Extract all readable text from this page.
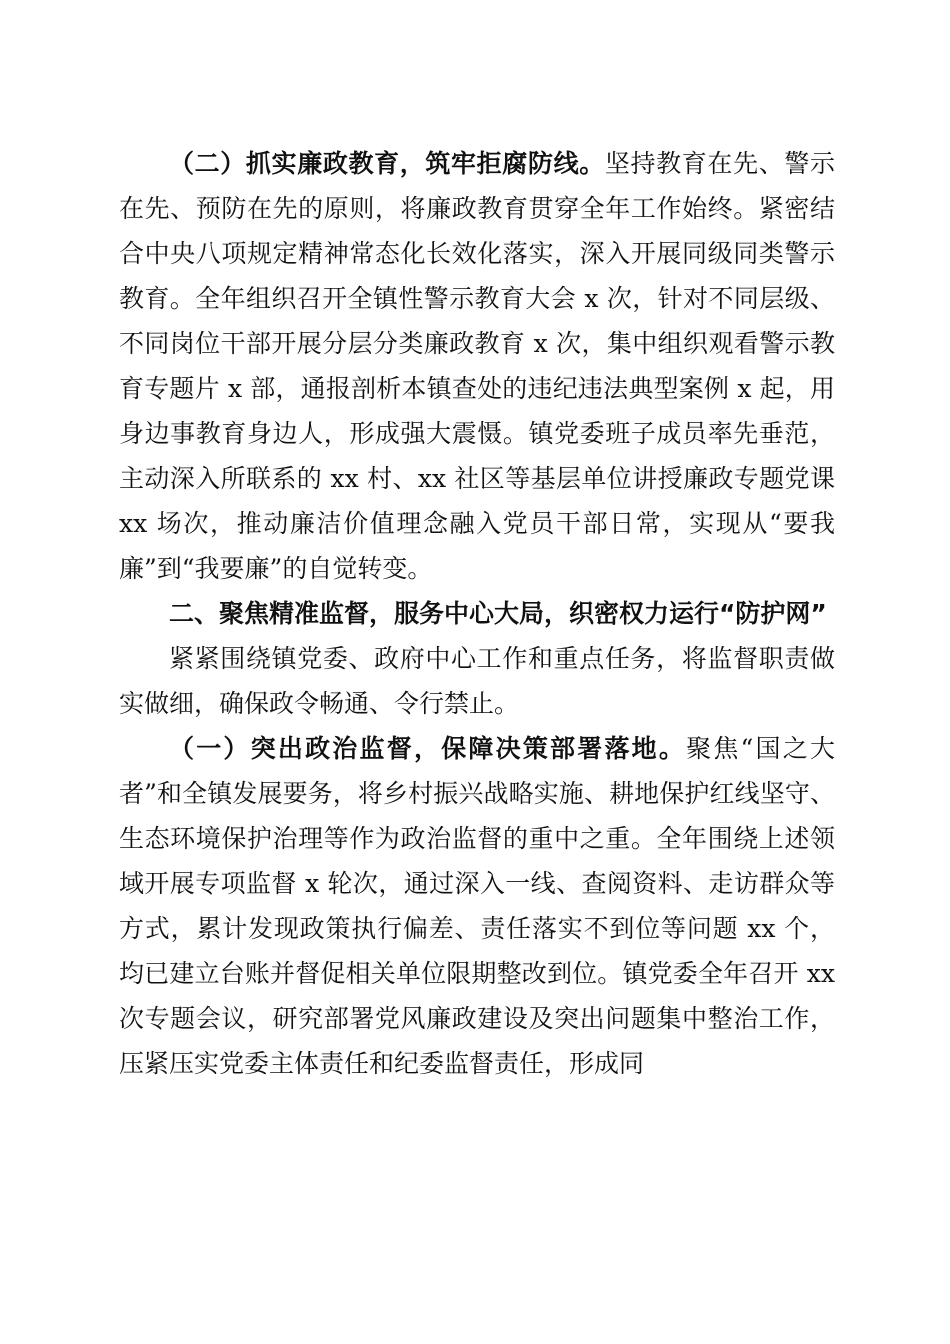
（二）抓实廉政教育，筑牢拒腐防线。坚持教育在先、警示在先、预防在先的原则，将廉政教育贯穿全年工作始终。紧密结合中央八项规定精神常态化长效化落实，深入开展同级同类警示教育。全年组织召开全镇性警示教育大会 x 次，针对不同层级、不同岗位干部开展分层分类廉政教育 x 次，集中组织观看警示教育专题片 x 部，通报剖析本镇查处的违纪违法典型案例 x 起，用身边事教育身边人，形成强大震慑。镇党委班子成员率先垂范，主动深入所联系的 xx 村、xx 社区等基层单位讲授廉政专题党课 xx 场次，推动廉洁价值理念融入党员干部日常，实现从“要我廉”到“我要廉”的自觉转变。

二、聚焦精准监督，服务中心大局，织密权力运行“防护网”

紧紧围绕镇党委、政府中心工作和重点任务，将监督职责做实做细，确保政令畅通、令行禁止。

（一）突出政治监督，保障决策部署落地。聚焦“国之大者”和全镇发展要务，将乡村振兴战略实施、耕地保护红线坚守、生态环境保护治理等作为政治监督的重中之重。全年围绕上述领域开展专项监督 x 轮次，通过深入一线、查阅资料、走访群众等方式，累计发现政策执行偏差、责任落实不到位等问题 xx 个，均已建立台账并督促相关单位限期整改到位。镇党委全年召开 xx 次专题会议，研究部署党风廉政建设及突出问题集中整治工作，压紧压实党委主体责任和纪委监督责任，形成同
